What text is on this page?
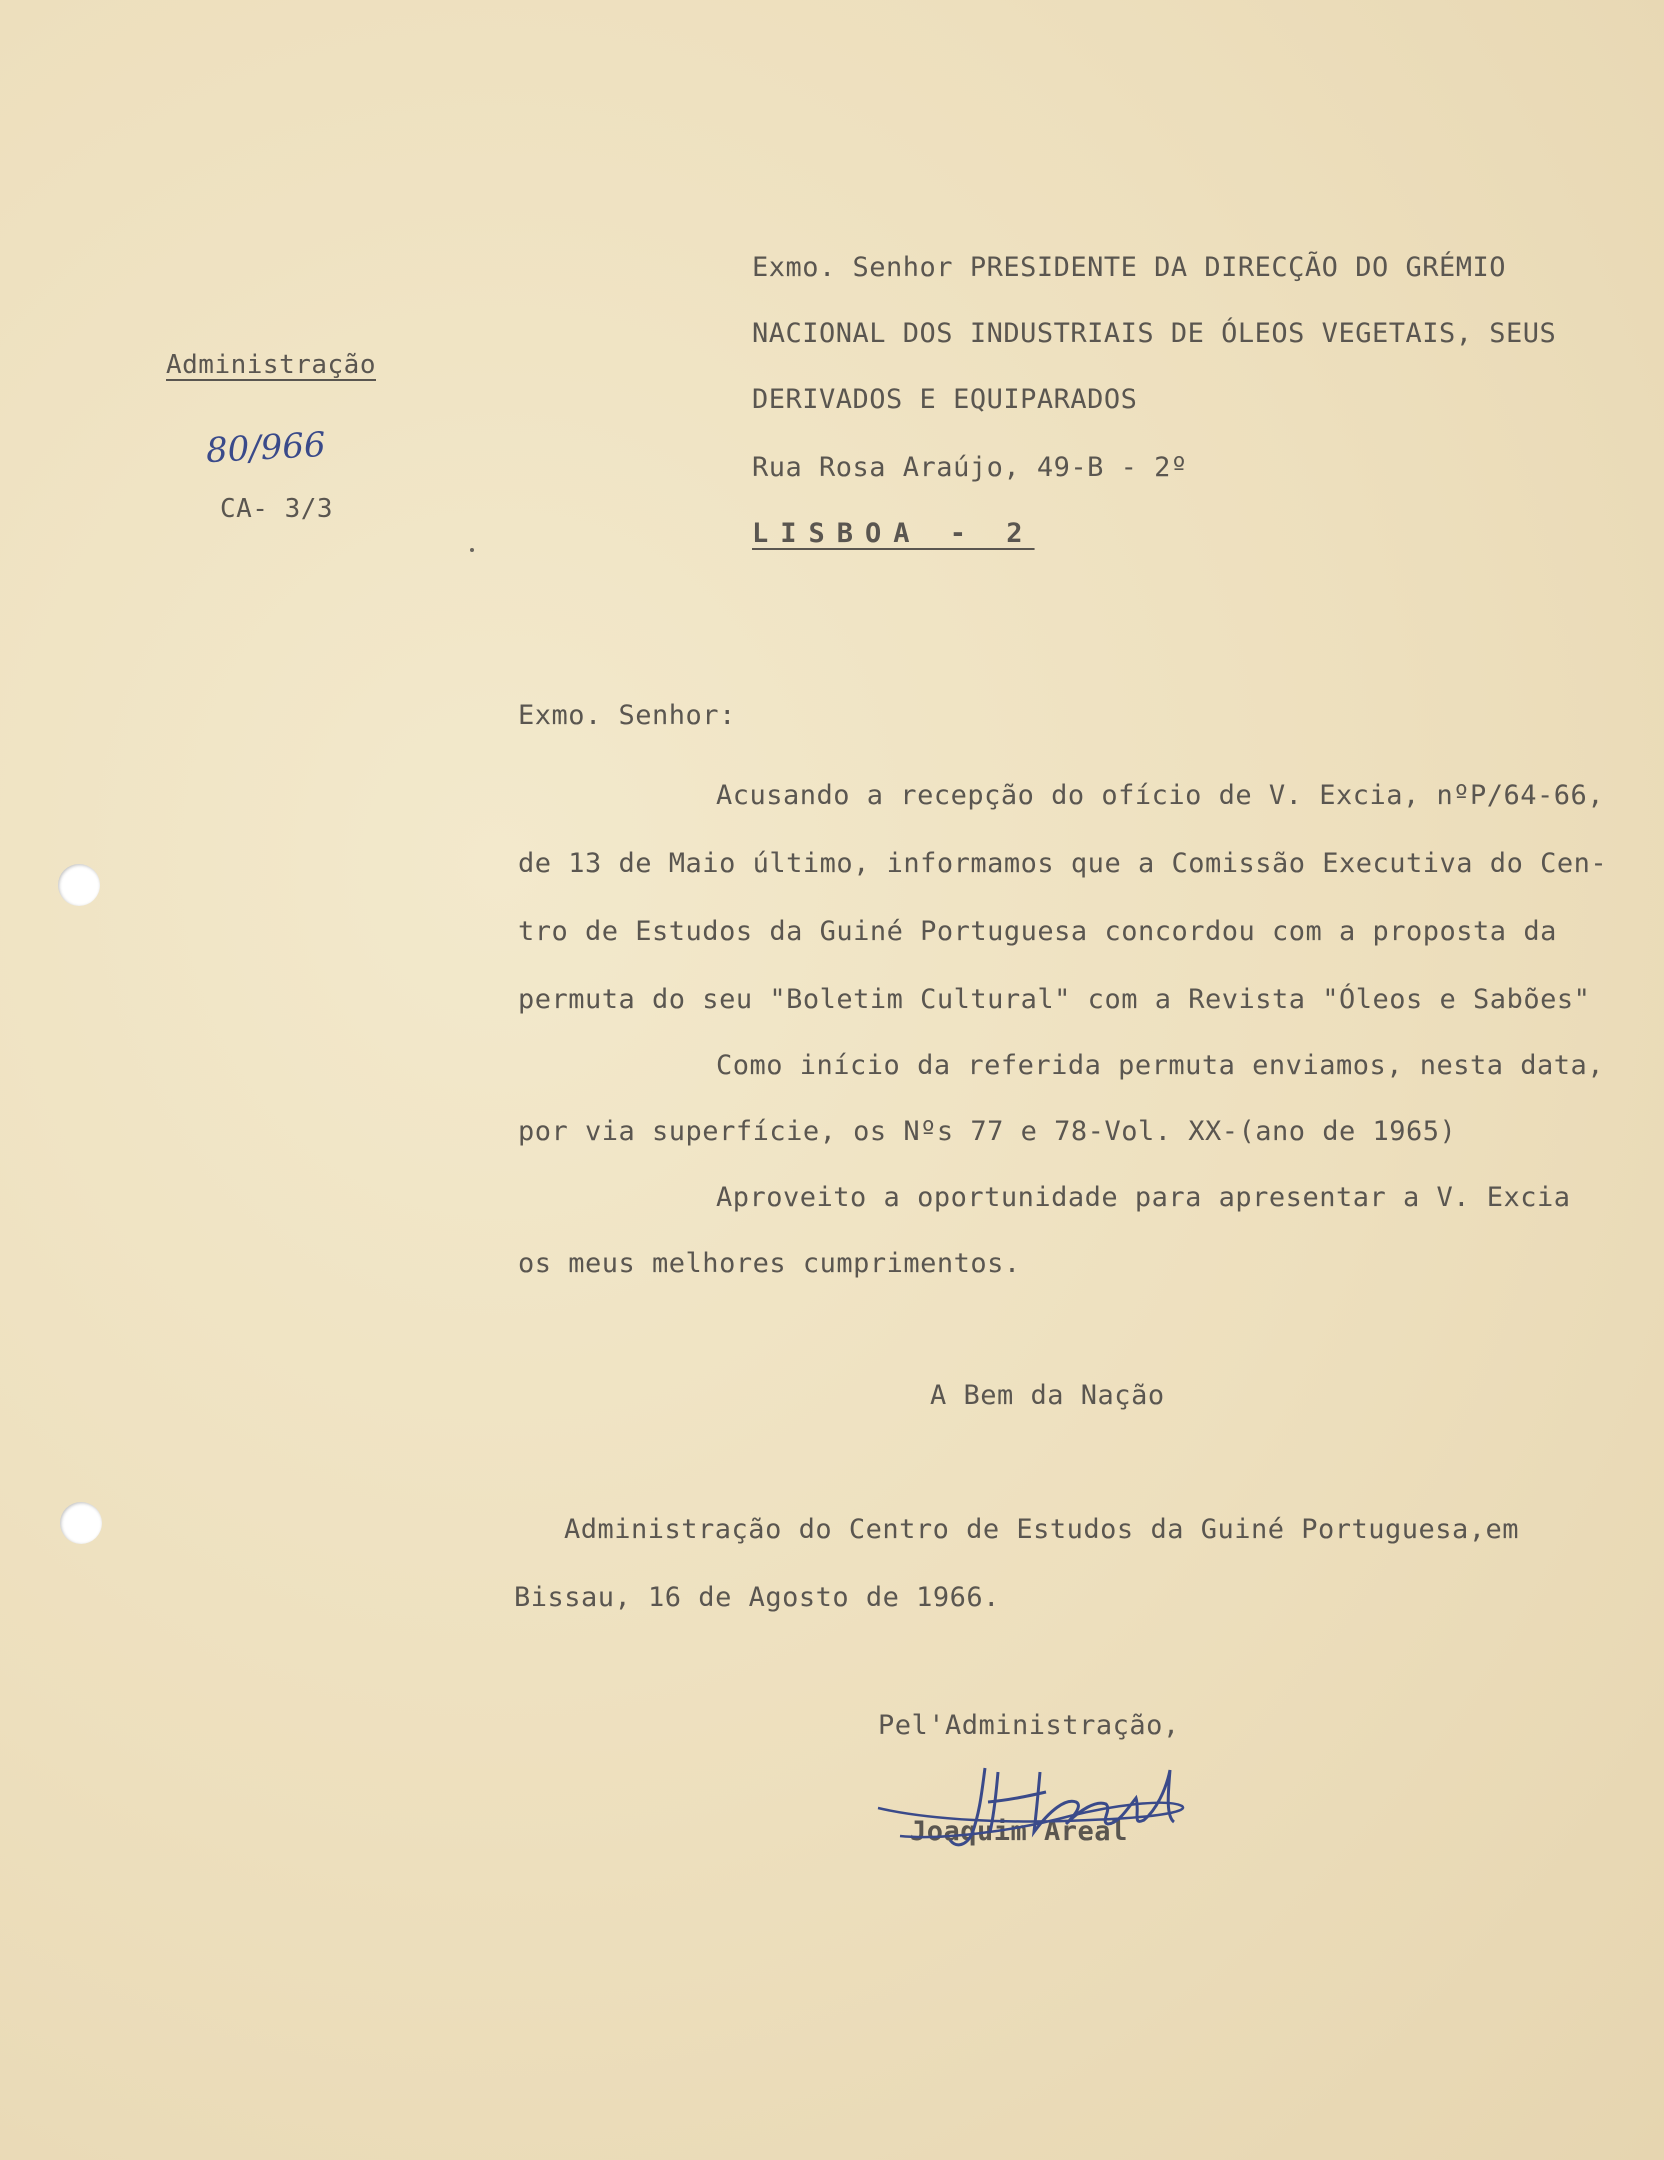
Administração
80/966
CA- 3/3
Exmo. Senhor PRESIDENTE DA DIRECÇÃO DO GRÉMIO
NACIONAL DOS INDUSTRIAIS DE ÓLEOS VEGETAIS, SEUS
DERIVADOS E EQUIPARADOS
Rua Rosa Araújo, 49-B - 2º
LISBOA - 2
Exmo. Senhor:
Acusando a recepção do ofício de V. Excia, nºP/64-66,
de 13 de Maio último, informamos que a Comissão Executiva do Cen-
tro de Estudos da Guiné Portuguesa concordou com a proposta da
permuta do seu "Boletim Cultural" com a Revista "Óleos e Sabões"
Como início da referida permuta enviamos, nesta data,
por via superfície, os Nºs 77 e 78-Vol. XX-(ano de 1965)
Aproveito a oportunidade para apresentar a V. Excia
os meus melhores cumprimentos.
A Bem da Nação
Administração do Centro de Estudos da Guiné Portuguesa,em
Bissau, 16 de Agosto de 1966.
Pel'Administração,
Joaquim Areal
